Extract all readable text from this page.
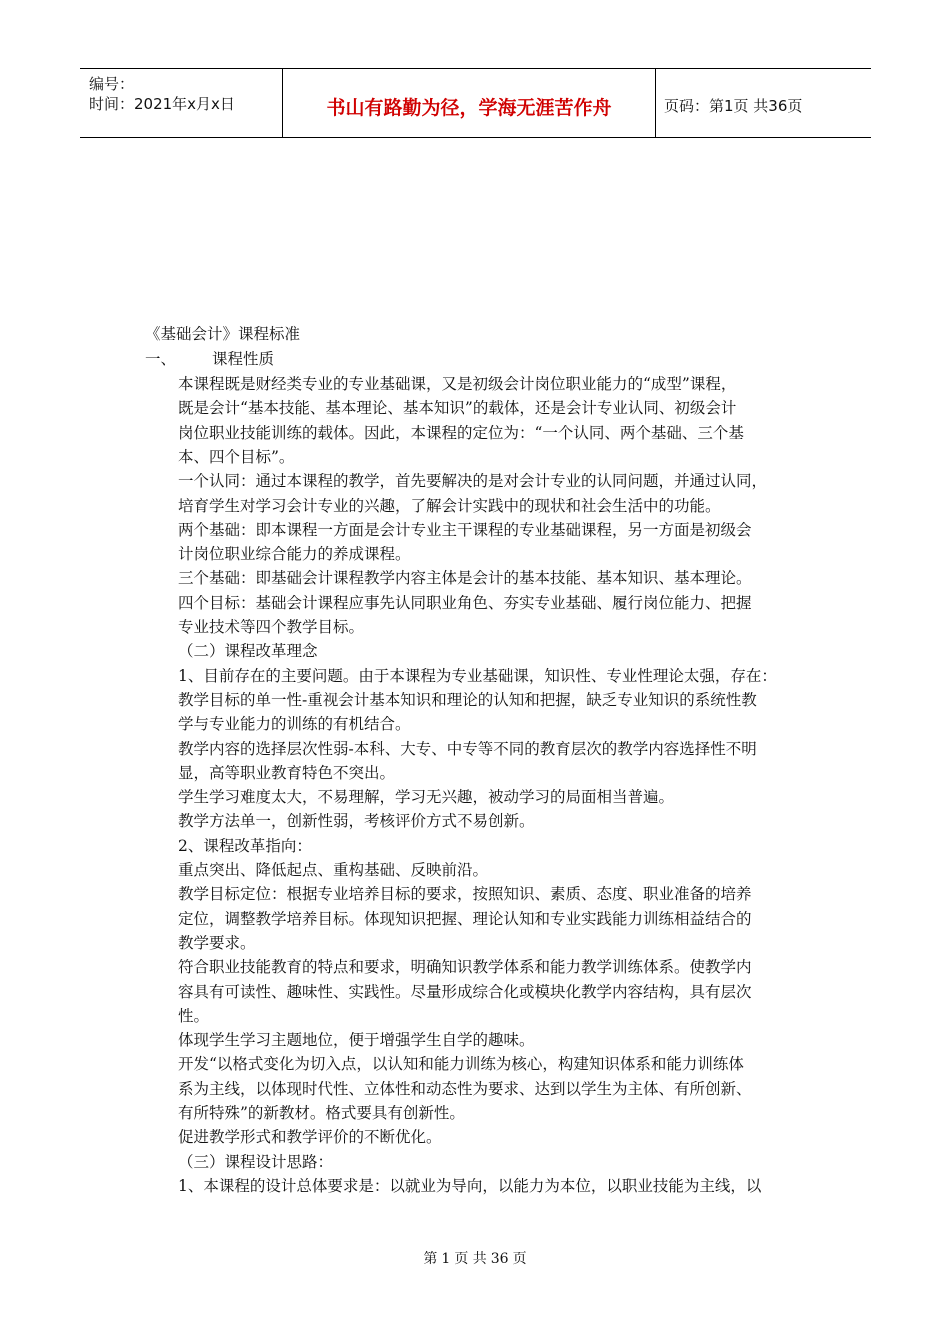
编号：
时间：2021年x月x日	书山有路勤为径，学海无涯苦作舟	页码：第1页 共36页
《基础会计》课程标准
一、 课程性质
本课程既是财经类专业的专业基础课，又是初级会计岗位职业能力的“成型”课程，
既是会计“基本技能、基本理论、基本知识”的载体，还是会计专业认同、初级会计
岗位职业技能训练的载体。因此，本课程的定位为：“一个认同、两个基础、三个基
本、四个目标”。
一个认同：通过本课程的教学，首先要解决的是对会计专业的认同问题，并通过认同，
培育学生对学习会计专业的兴趣，了解会计实践中的现状和社会生活中的功能。
两个基础：即本课程一方面是会计专业主干课程的专业基础课程，另一方面是初级会
计岗位职业综合能力的养成课程。
三个基础：即基础会计课程教学内容主体是会计的基本技能、基本知识、基本理论。
四个目标：基础会计课程应事先认同职业角色、夯实专业基础、履行岗位能力、把握
专业技术等四个教学目标。
（二）课程改革理念
1、目前存在的主要问题。由于本课程为专业基础课，知识性、专业性理论太强，存在：
教学目标的单一性-重视会计基本知识和理论的认知和把握，缺乏专业知识的系统性教
学与专业能力的训练的有机结合。
教学内容的选择层次性弱-本科、大专、中专等不同的教育层次的教学内容选择性不明
显，高等职业教育特色不突出。
学生学习难度太大，不易理解，学习无兴趣，被动学习的局面相当普遍。
教学方法单一，创新性弱，考核评价方式不易创新。
2、课程改革指向：
重点突出、降低起点、重构基础、反映前沿。
教学目标定位：根据专业培养目标的要求，按照知识、素质、态度、职业准备的培养
定位，调整教学培养目标。体现知识把握、理论认知和专业实践能力训练相益结合的
教学要求。
符合职业技能教育的特点和要求，明确知识教学体系和能力教学训练体系。使教学内
容具有可读性、趣味性、实践性。尽量形成综合化或模块化教学内容结构，具有层次
性。
体现学生学习主题地位，便于增强学生自学的趣味。
开发“以格式变化为切入点，以认知和能力训练为核心，构建知识体系和能力训练体
系为主线，以体现时代性、立体性和动态性为要求、达到以学生为主体、有所创新、
有所特殊”的新教材。格式要具有创新性。
促进教学形式和教学评价的不断优化。
（三）课程设计思路：
1、本课程的设计总体要求是：以就业为导向，以能力为本位，以职业技能为主线，以
第 1 页 共 36 页
